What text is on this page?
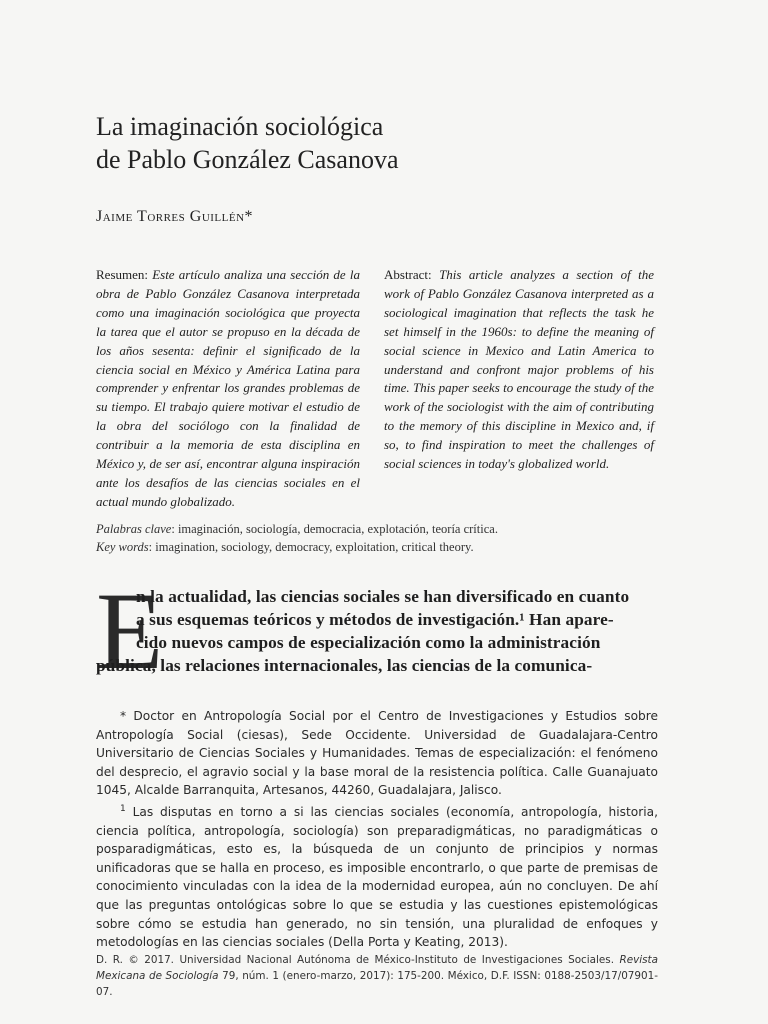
La imaginación sociológica
de Pablo González Casanova
Jaime Torres Guillén*
Resumen: Este artículo analiza una sección de la obra de Pablo González Casanova interpretada como una imaginación sociológica que proyecta la tarea que el autor se propuso en la década de los años sesenta: definir el significado de la ciencia social en México y América Latina para comprender y enfrentar los grandes problemas de su tiempo. El trabajo quiere motivar el estudio de la obra del sociólogo con la finalidad de contribuir a la memoria de esta disciplina en México y, de ser así, encontrar alguna inspiración ante los desafíos de las ciencias sociales en el actual mundo globalizado.
Abstract: This article analyzes a section of the work of Pablo González Casanova interpreted as a sociological imagination that reflects the task he set himself in the 1960s: to define the meaning of social science in Mexico and Latin America to understand and confront major problems of his time. This paper seeks to encourage the study of the work of the sociologist with the aim of contributing to the memory of this discipline in Mexico and, if so, to find inspiration to meet the challenges of social sciences in today's globalized world.
Palabras clave: imaginación, sociología, democracia, explotación, teoría crítica.
Key words: imagination, sociology, democracy, exploitation, critical theory.
E
n la actualidad, las ciencias sociales se han diversificado en cuanto
a sus esquemas teóricos y métodos de investigación.¹ Han apare-
cido nuevos campos de especialización como la administración
pública, las relaciones internacionales, las ciencias de la comunica-

* Doctor en Antropología Social por el Centro de Investigaciones y Estudios sobre Antropología Social (ciesas), Sede Occidente. Universidad de Guadalajara-Centro Universitario de Ciencias Sociales y Humanidades. Temas de especialización: el fenómeno del desprecio, el agravio social y la base moral de la resistencia política. Calle Guanajuato 1045, Alcalde Barranquita, Artesanos, 44260, Guadalajara, Jalisco.

$^1$ Las disputas en torno a si las ciencias sociales (economía, antropología, historia, ciencia política, antropología, sociología) son preparadigmáticas, no paradigmáticas o posparadigmáticas, esto es, la búsqueda de un conjunto de principios y normas unificadoras que se halla en proceso, es imposible encontrarlo, o que parte de premisas de conocimiento vinculadas con la idea de la modernidad europea, aún no concluyen. De ahí que las preguntas ontológicas sobre lo que se estudia y las cuestiones epistemológicas sobre cómo se estudia han generado, no sin tensión, una pluralidad de enfoques y metodologías en las ciencias sociales (Della Porta y Keating, 2013).

D. R. © 2017. Universidad Nacional Autónoma de México-Instituto de Investigaciones Sociales. Revista Mexicana de Sociología 79, núm. 1 (enero-marzo, 2017): 175-200. México, D.F. ISSN: 0188-2503/17/07901-07.
